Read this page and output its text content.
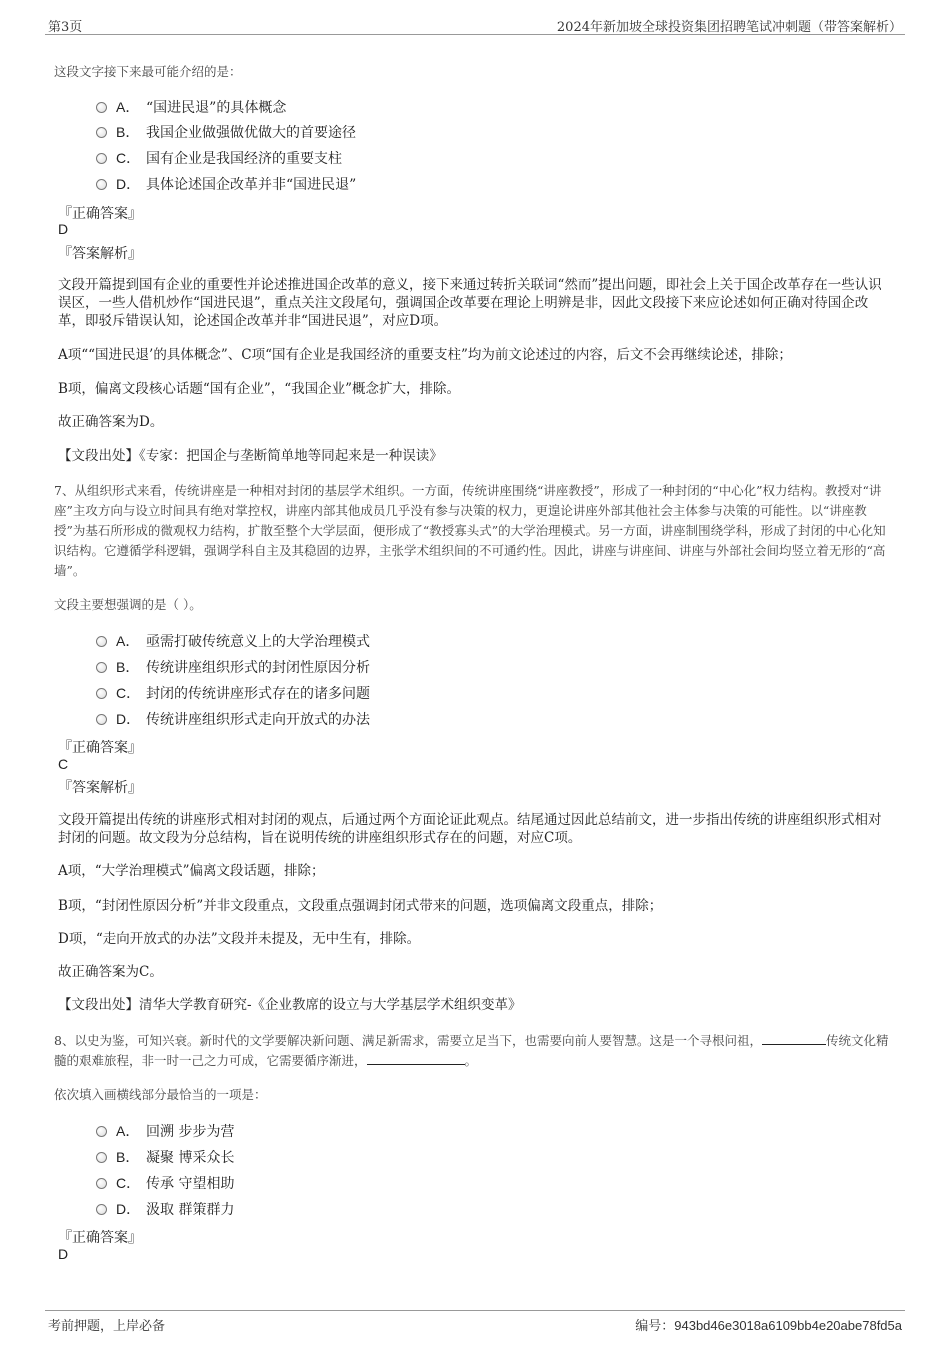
第3页	2024年新加坡全球投资集团招聘笔试冲刺题（带答案解析）
这段文字接下来最可能介绍的是：
A． “国进民退”的具体概念
B． 我国企业做强做优做大的首要途径
C． 国有企业是我国经济的重要支柱
D． 具体论述国企改革并非“国进民退”
『正确答案』
D
『答案解析』
文段开篇提到国有企业的重要性并论述推进国企改革的意义，接下来通过转折关联词“然而”提出问题，即社会上关于国企改革存在一些认识误区，一些人借机炒作“国进民退”，重点关注文段尾句，强调国企改革要在理论上明辨是非，因此文段接下来应论述如何正确对待国企改革，即驳斥错误认知，论述国企改革并非“国进民退”，对应D项。
A项““国进民退’的具体概念”、C项“国有企业是我国经济的重要支柱”均为前文论述过的内容，后文不会再继续论述，排除；
B项，偏离文段核心话题“国有企业”，“我国企业”概念扩大，排除。
故正确答案为D。
【文段出处】《专家：把国企与垄断简单地等同起来是一种误读》
7、从组织形式来看，传统讲座是一种相对封闭的基层学术组织。一方面，传统讲座围绕“讲座教授”，形成了一种封闭的“中心化”权力结构。教授对“讲座”主攻方向与设立时间具有绝对掌控权，讲座内部其他成员几乎没有参与决策的权力，更遑论讲座外部其他社会主体参与决策的可能性。以“讲座教授”为基石所形成的微观权力结构，扩散至整个大学层面，便形成了“教授寡头式”的大学治理模式。另一方面，讲座制围绕学科，形成了封闭的中心化知识结构。它遵循学科逻辑，强调学科自主及其稳固的边界，主张学术组织间的不可通约性。因此，讲座与讲座间、讲座与外部社会间均竖立着无形的“高墙”。
文段主要想强调的是（ ）。
A． 亟需打破传统意义上的大学治理模式
B． 传统讲座组织形式的封闭性原因分析
C． 封闭的传统讲座形式存在的诸多问题
D． 传统讲座组织形式走向开放式的办法
『正确答案』
C
『答案解析』
文段开篇提出传统的讲座形式相对封闭的观点，后通过两个方面论证此观点。结尾通过因此总结前文，进一步指出传统的讲座组织形式相对封闭的问题。故文段为分总结构，旨在说明传统的讲座组织形式存在的问题，对应C项。
A项，“大学治理模式”偏离文段话题，排除；
B项，“封闭性原因分析”并非文段重点，文段重点强调封闭式带来的问题，选项偏离文段重点，排除；
D项，“走向开放式的办法”文段并未提及，无中生有，排除。
故正确答案为C。
【文段出处】清华大学教育研究-《企业教席的设立与大学基层学术组织变革》
8、以史为鉴，可知兴衰。新时代的文学要解决新问题、满足新需求，需要立足当下，也需要向前人要智慧。这是一个寻根问祖，	传统文化精髓的艰难旅程，非一时一己之力可成，它需要循序渐进，	。
依次填入画横线部分最恰当的一项是：
A． 回溯 步步为营
B． 凝聚 博采众长
C． 传承 守望相助
D． 汲取 群策群力
『正确答案』
D
考前押题，上岸必备	编号：943bd46e3018a6109bb4e20abe78fd5a
